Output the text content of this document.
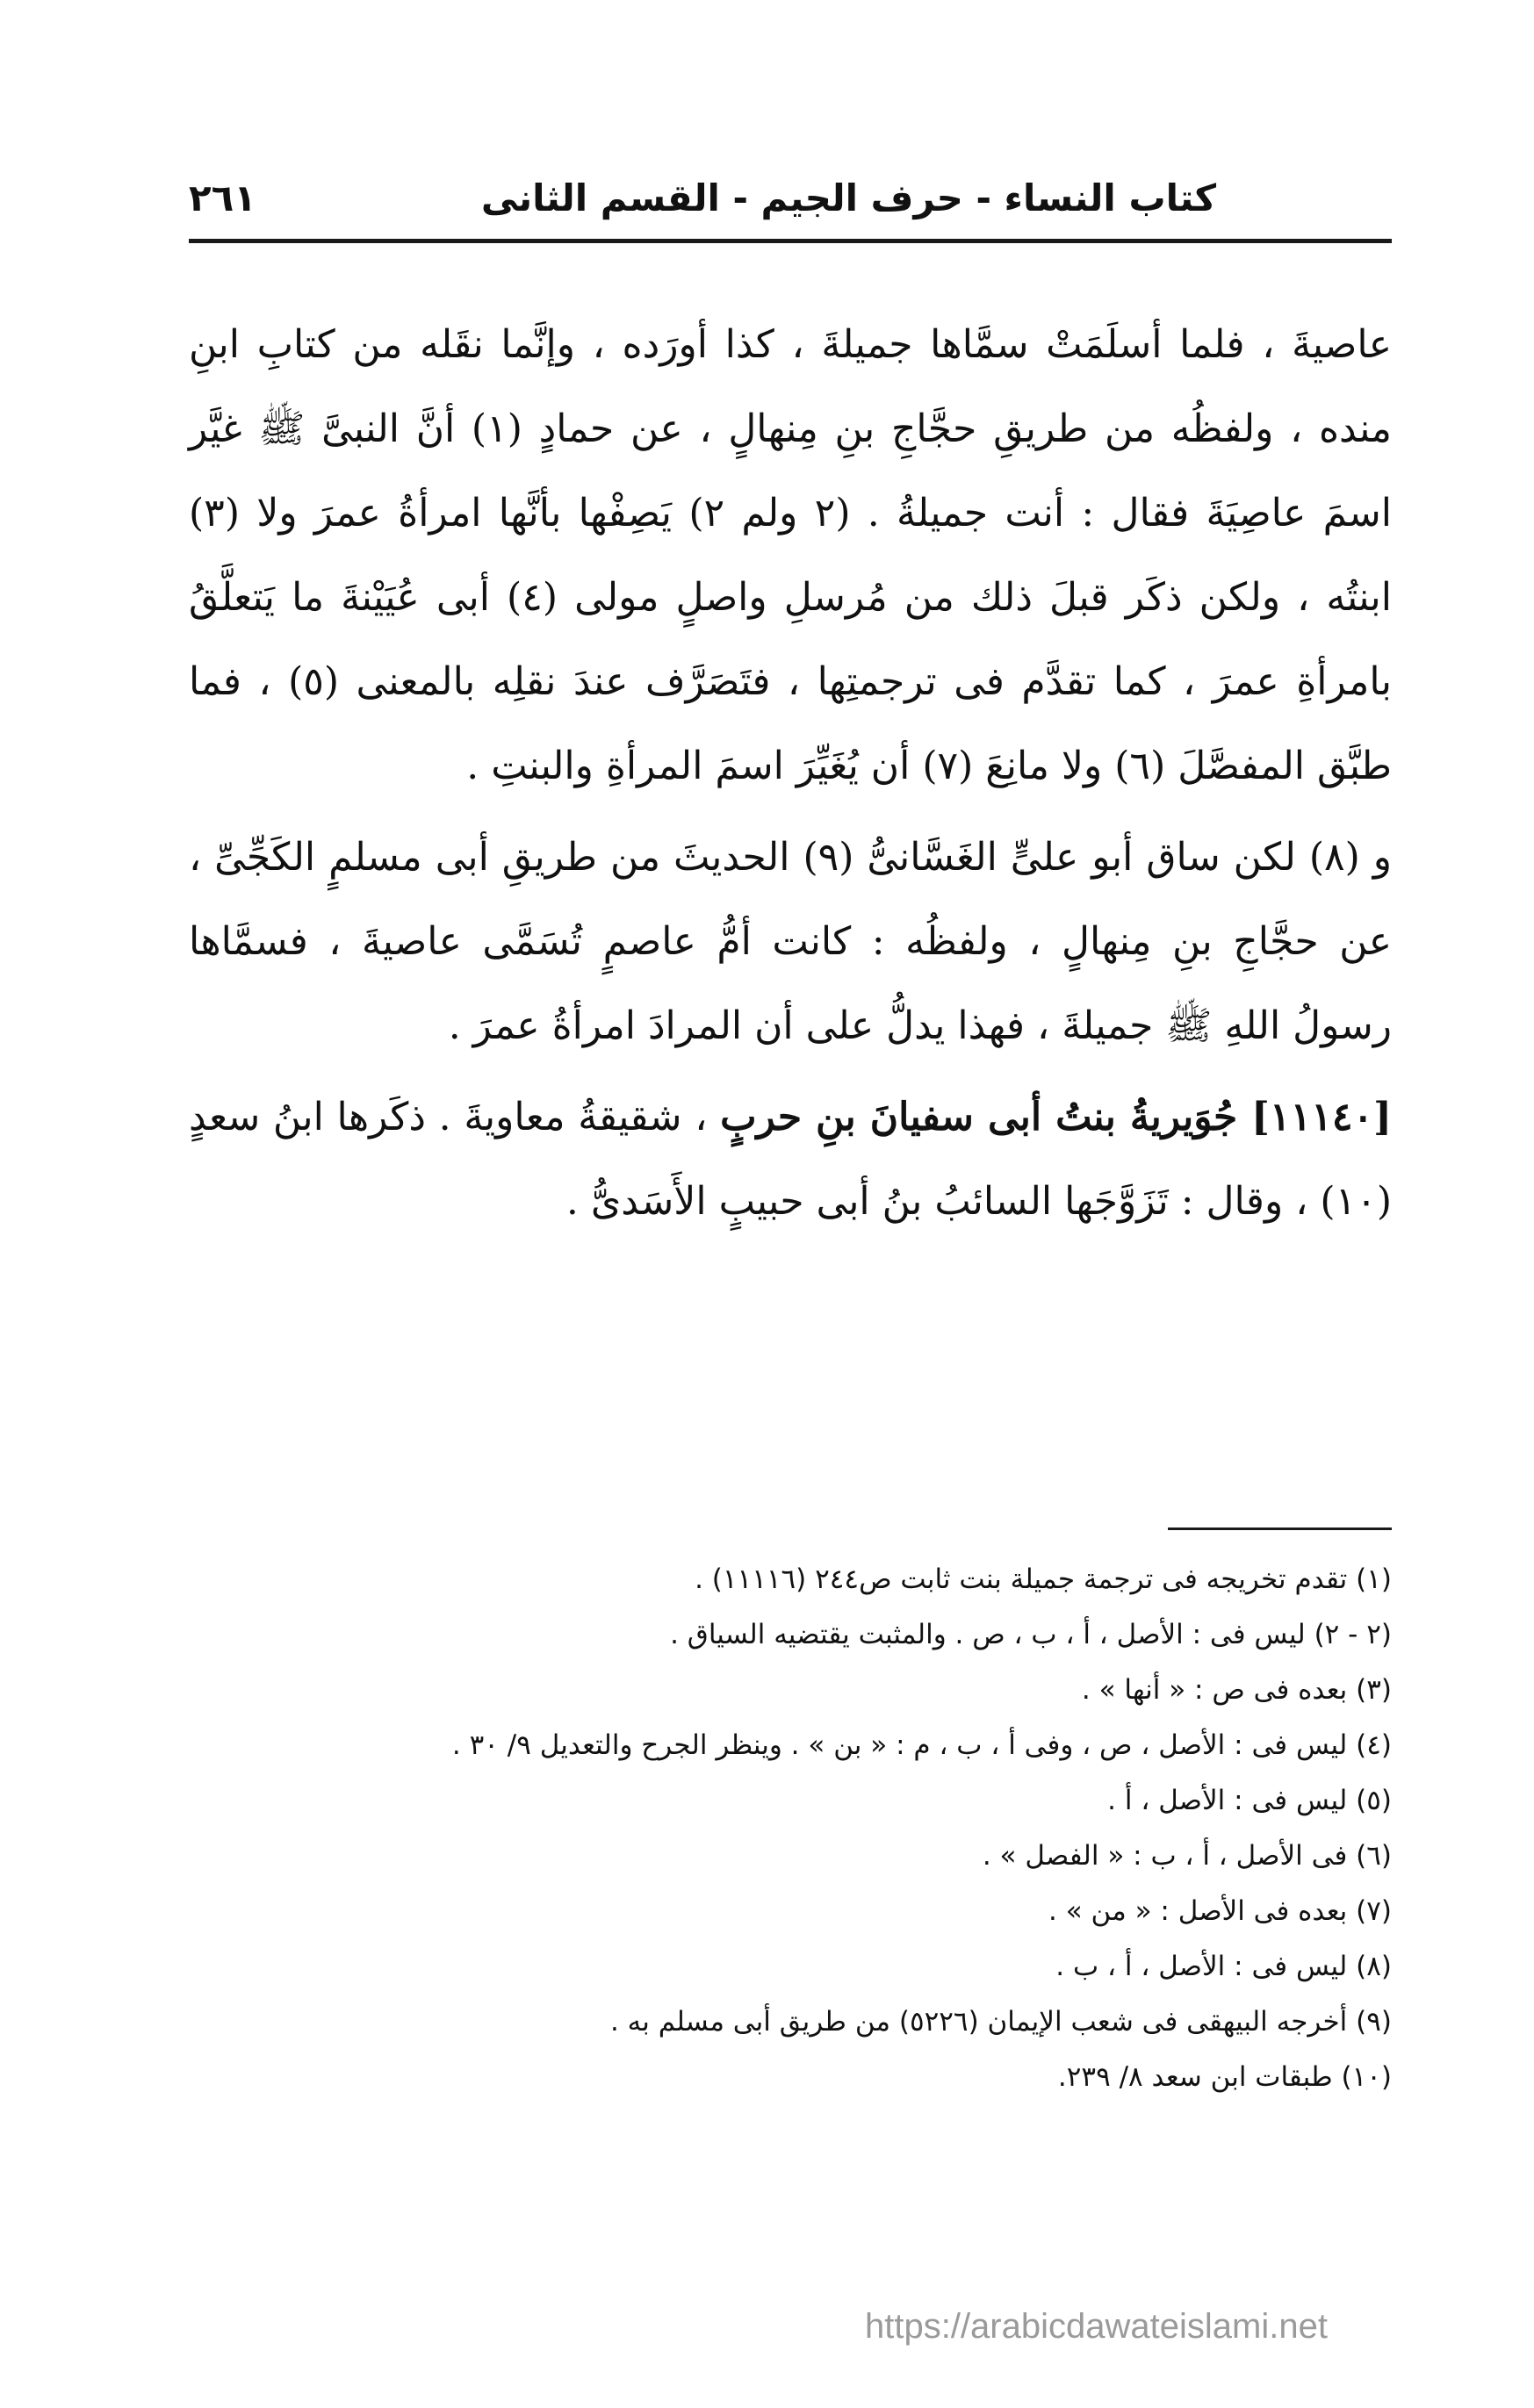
كتاب النساء - حرف الجيم - القسم الثانى
٢٦١

عاصيةَ ، فلما أسلَمَتْ سمَّاها جميلةَ ، كذا أورَده ، وإنَّما نقَله من كتابِ ابنِ منده ، ولفظُه من طريقِ حجَّاجِ بنِ مِنهالٍ ، عن حمادٍ (١) أنَّ النبىَّ ﷺ غيَّر اسمَ عاصِيَةَ فقال : أنت جميلةُ . (٢ ولم ٢) يَصِفْها بأنَّها امرأةُ عمرَ ولا (٣) ابنتُه ، ولكن ذكَر قبلَ ذلك من مُرسلِ واصلٍ مولى (٤) أبى عُيَيْنةَ ما يَتعلَّقُ بامرأةِ عمرَ ، كما تقدَّم فى ترجمتِها ، فتَصَرَّف عندَ نقلِه بالمعنى (٥) ، فما طبَّق المفصَّلَ (٦) ولا مانِعَ (٧) أن يُغَيِّرَ اسمَ المرأةِ والبنتِ .

و (٨) لكن ساق أبو علىٍّ الغَسَّانىُّ (٩) الحديثَ من طريقِ أبى مسلمٍ الكَجِّىِّ ، عن حجَّاجِ بنِ مِنهالٍ ، ولفظُه : كانت أمُّ عاصمٍ تُسَمَّى عاصيةَ ، فسمَّاها رسولُ اللهِ ﷺ جميلةَ ، فهذا يدلُّ على أن المرادَ امرأةُ عمرَ .

[١١١٤٠] جُوَيريةُ بنتُ أبى سفيانَ بنِ حربٍ ، شقيقةُ معاويةَ . ذكَرها ابنُ سعدٍ (١٠) ، وقال : تَزَوَّجَها السائبُ بنُ أبى حبيبٍ الأَسَدىُّ .

(١) تقدم تخريجه فى ترجمة جميلة بنت ثابت ص٢٤٤ (١١١١٦) .
(٢ - ٢) ليس فى : الأصل ، أ ، ب ، ص . والمثبت يقتضيه السياق .
(٣) بعده فى ص : « أنها » .
(٤) ليس فى : الأصل ، ص ، وفى أ ، ب ، م : « بن » . وينظر الجرح والتعديل ٩/ ٣٠ .
(٥) ليس فى : الأصل ، أ .
(٦) فى الأصل ، أ ، ب : « الفصل » .
(٧) بعده فى الأصل : « من » .
(٨) ليس فى : الأصل ، أ ، ب .
(٩) أخرجه البيهقى فى شعب الإيمان (٥٢٢٦) من طريق أبى مسلم به .
(١٠) طبقات ابن سعد ٨/ ٢٣٩.
https://arabicdawateislami.net
